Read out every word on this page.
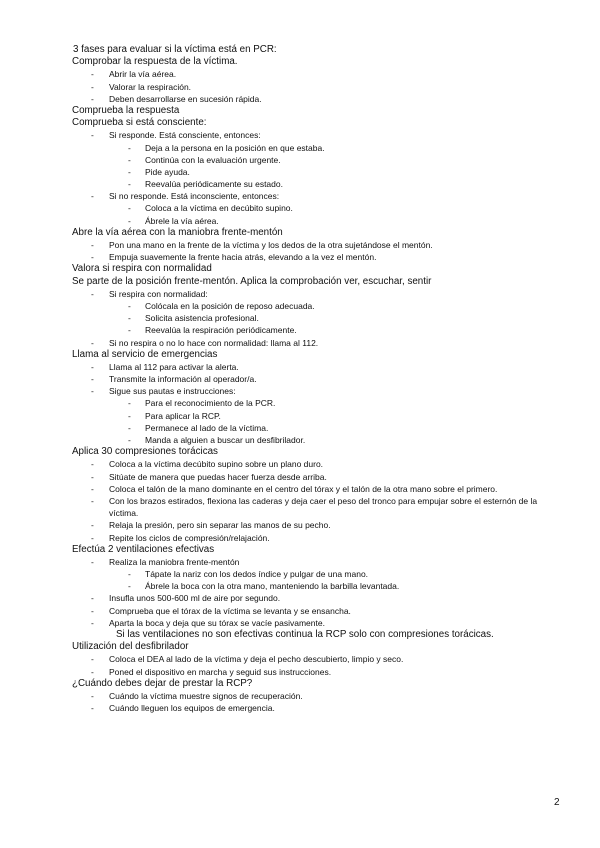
3 fases para evaluar si la víctima está en PCR:
Comprobar la respuesta de la víctima.
- Abrir la vía aérea.
- Valorar la respiración.
- Deben desarrollarse en sucesión rápida.
Comprueba la respuesta
Comprueba si está consciente:
- Si responde. Está consciente, entonces:
- Deja a la persona en la posición en que estaba.
- Continúa con la evaluación urgente.
- Pide ayuda.
- Reevalúa periódicamente su estado.
- Si no responde. Está inconsciente, entonces:
- Coloca a la víctima en decúbito supino.
- Ábrele la vía aérea.
Abre la vía aérea con la maniobra frente-mentón
- Pon una mano en la frente de la víctima y los dedos de la otra sujetándose el mentón.
- Empuja suavemente la frente hacia atrás, elevando a la vez el mentón.
Valora si respira con normalidad
Se parte de la posición frente-mentón. Aplica la comprobación ver, escuchar, sentir
- Si respira con normalidad:
- Colócala en la posición de reposo adecuada.
- Solicita asistencia profesional.
- Reevalúa la respiración periódicamente.
- Si no respira o no lo hace con normalidad: llama al 112.
Llama al servicio de emergencias
- Llama al 112 para activar la alerta.
- Transmite la información al operador/a.
- Sigue sus pautas e instrucciones:
- Para el reconocimiento de la PCR.
- Para aplicar la RCP.
- Permanece al lado de la víctima.
- Manda a alguien a buscar un desfibrilador.
Aplica 30 compresiones torácicas
- Coloca a la víctima decúbito supino sobre un plano duro.
- Sitúate de manera que puedas hacer fuerza desde arriba.
- Coloca el talón de la mano dominante en el centro del tórax y el talón de la otra mano sobre el primero.
- Con los brazos estirados, flexiona las caderas y deja caer el peso del tronco para empujar sobre el esternón de la víctima.
- Relaja la presión, pero sin separar las manos de su pecho.
- Repite los ciclos de compresión/relajación.
Efectúa 2 ventilaciones efectivas
- Realiza la maniobra frente-mentón
- Tápate la nariz con los dedos índice y pulgar de una mano.
- Ábrele la boca con la otra mano, manteniendo la barbilla levantada.
- Insufla unos 500-600 ml de aire por segundo.
- Comprueba que el tórax de la víctima se levanta y se ensancha.
- Aparta la boca y deja que su tórax se vacíe pasivamente.
Si las ventilaciones no son efectivas continua la RCP solo con compresiones torácicas.
Utilización del desfibrilador
- Coloca el DEA al lado de la víctima y deja el pecho descubierto, limpio y seco.
- Poned el dispositivo en marcha y seguid sus instrucciones.
¿Cuándo debes dejar de prestar la RCP?
- Cuándo la víctima muestre signos de recuperación.
- Cuándo lleguen los equipos de emergencia.
2
